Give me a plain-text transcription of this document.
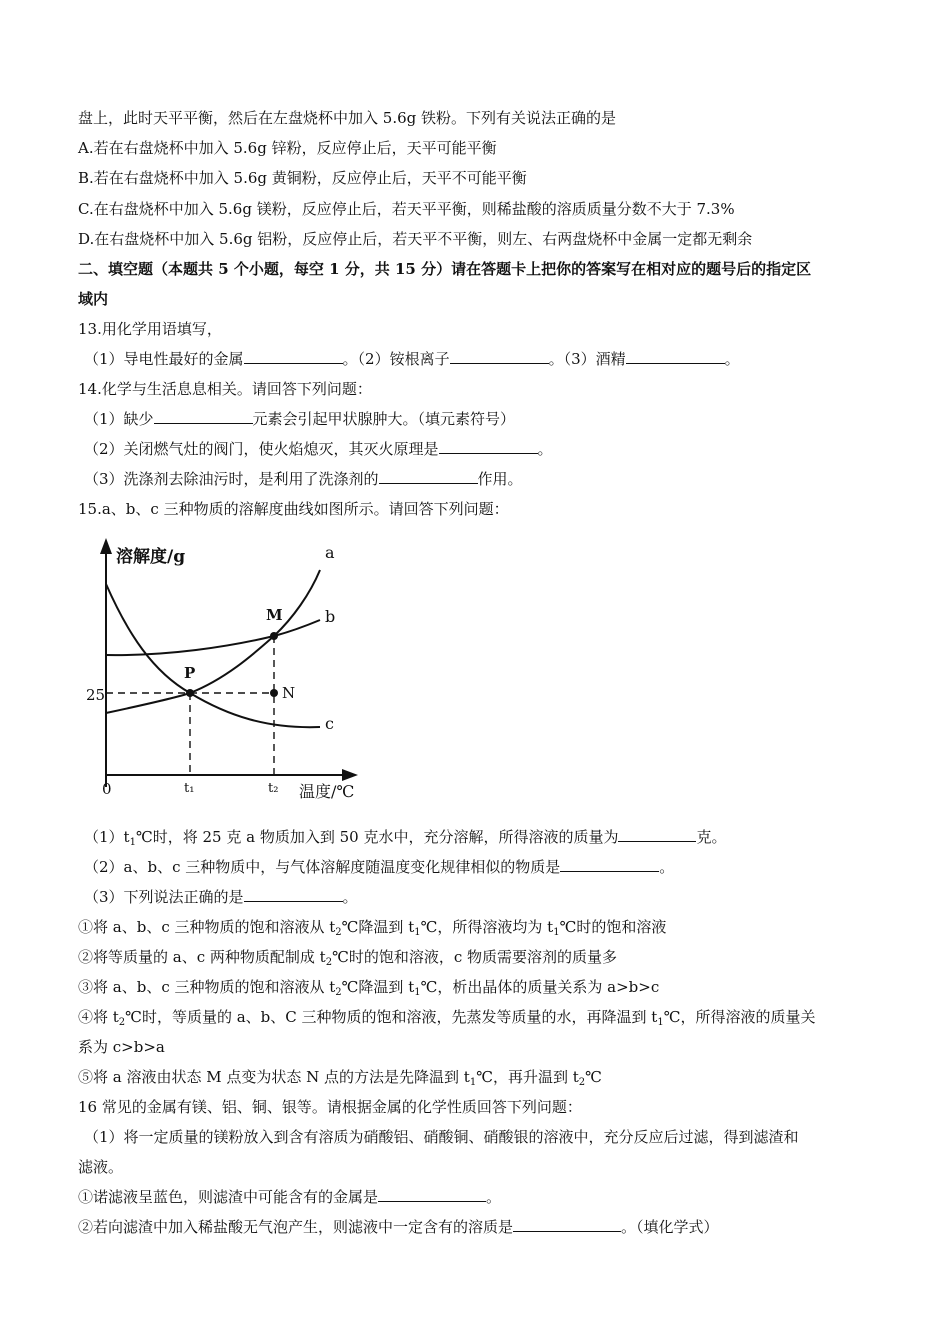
盘上，此时天平平衡，然后在左盘烧杯中加入 5.6g 铁粉。下列有关说法正确的是
A.若在右盘烧杯中加入 5.6g 锌粉，反应停止后，天平可能平衡
B.若在右盘烧杯中加入 5.6g 黄铜粉，反应停止后，天平不可能平衡
C.在右盘烧杯中加入 5.6g 镁粉，反应停止后，若天平平衡，则稀盐酸的溶质质量分数不大于 7.3%
D.在右盘烧杯中加入 5.6g 铝粉，反应停止后，若天平不平衡，则左、右两盘烧杯中金属一定都无剩余
二、填空题（本题共 5 个小题，每空 1 分，共 15 分）请在答题卡上把你的答案写在相对应的题号后的指定区
域内
13.用化学用语填写，
（1）导电性最好的金属	。（2）铵根离子	。（3）酒精	。
14.化学与生活息息相关。请回答下列问题：
（1）缺少	元素会引起甲状腺肿大。（填元素符号）
（2）关闭燃气灶的阀门，使火焰熄灭，其灭火原理是	。
（3）洗涤剂去除油污时，是利用了洗涤剂的	作用。
15.a、b、c 三种物质的溶解度曲线如图所示。请回答下列问题：
溶解度/g
温度/℃
0
25
t₁	t₂
a
b
c
P
M
N
$(1)t_1℃$时，将 25 克 a 物质加入到 50 克水中，充分溶解，所得溶液的质量为	克。
（2）a、b、c 三种物质中，与气体溶解度随温度变化规律相似的物质是	。
（3）下列说法正确的是	。
①将 a、b、c 三种物质的饱和溶液从 $t_2℃$降温到 $t_1℃$，所得溶液均为 $t_1℃$时的饱和溶液
②将等质量的 a、c 两种物质配制成 $t_2℃$时的饱和溶液，c 物质需要溶剂的质量多
③将 a、b、c 三种物质的饱和溶液从 $t_2℃$降温到 $t_1℃$，析出晶体的质量关系为 a>b>c
④将 $t_2℃$时，等质量的 a、b、C 三种物质的饱和溶液，先蒸发等质量的水，再降温到 $t_1℃$，所得溶液的质量关
系为 c>b>a
⑤将 a 溶液由状态 M 点变为状态 N 点的方法是先降温到 $t_1℃$，再升温到 $t_2℃$
16 常见的金属有镁、铝、铜、银等。请根据金属的化学性质回答下列问题：
（1）将一定质量的镁粉放入到含有溶质为硝酸铝、硝酸铜、硝酸银的溶液中，充分反应后过滤，得到滤渣和
滤液。
①诺滤液呈蓝色，则滤渣中可能含有的金属是	。
②若向滤渣中加入稀盐酸无气泡产生，则滤液中一定含有的溶质是	。（填化学式）
